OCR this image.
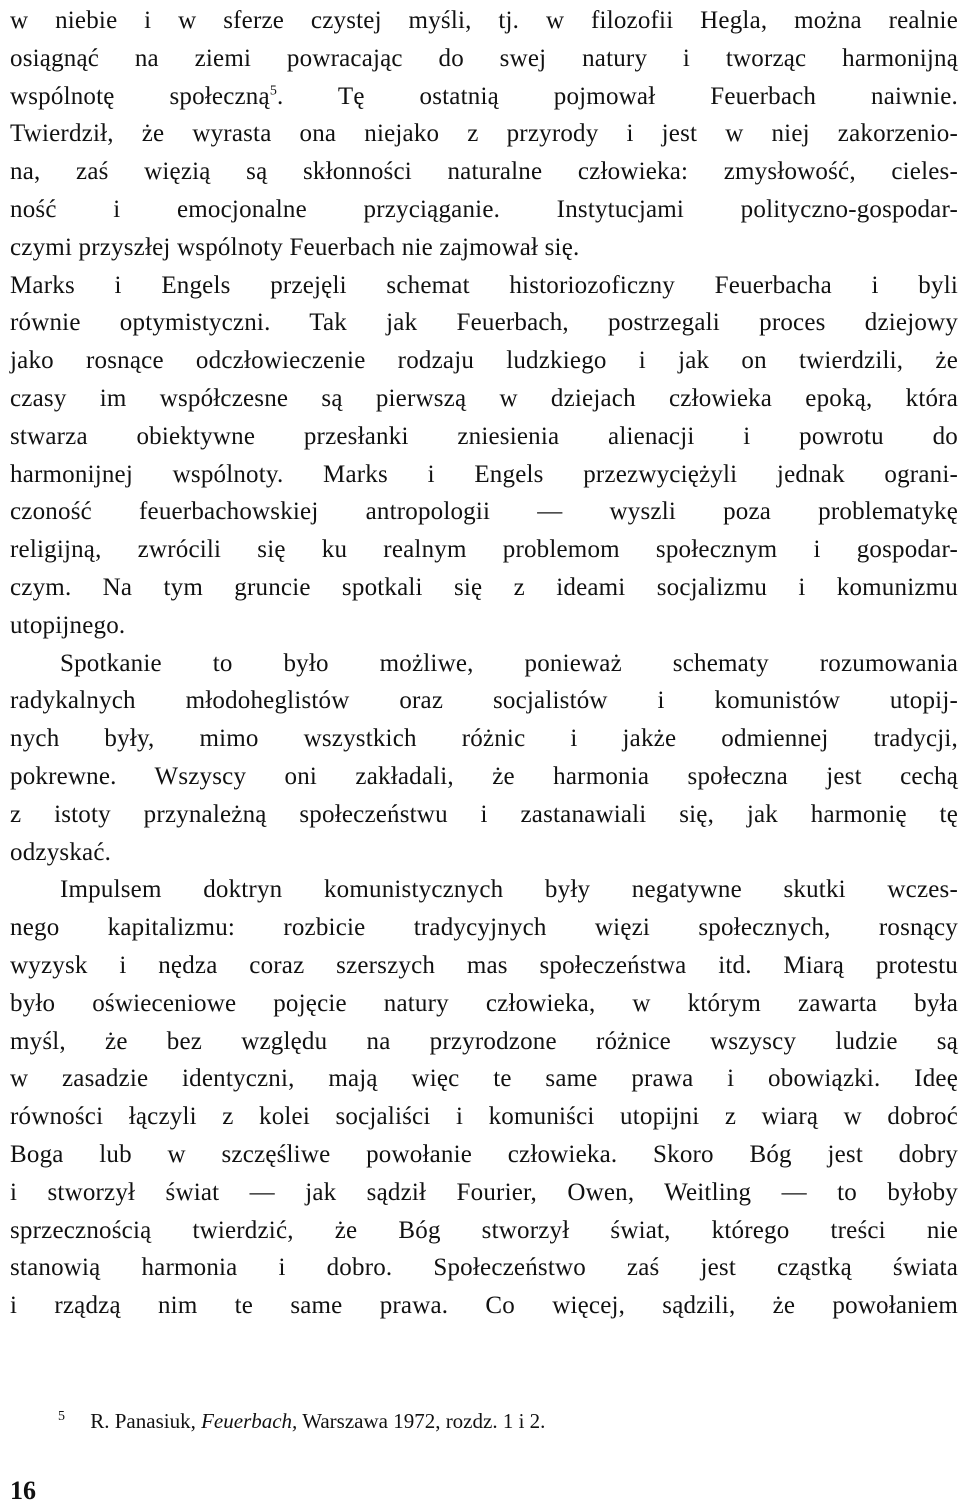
w niebie i w sferze czystej myśli, tj. w filozofii Hegla, można realnie
osiągnąć na ziemi powracając do swej natury i tworząc harmonijną
wspólnotę społeczną$^5$. Tę ostatnią pojmował Feuerbach naiwnie.
Twierdził, że wyrasta ona niejako z przyrody i jest w niej zakorzenio-
na, zaś więzią są skłonności naturalne człowieka: zmysłowość, cieles-
ność i emocjonalne przyciąganie. Instytucjami polityczno-gospodar-
czymi przyszłej wspólnoty Feuerbach nie zajmował się.
Marks i Engels przejęli schemat historiozoficzny Feuerbacha i byli
równie optymistyczni. Tak jak Feuerbach, postrzegali proces dziejowy
jako rosnące odczłowieczenie rodzaju ludzkiego i jak on twierdzili, że
czasy im współczesne są pierwszą w dziejach człowieka epoką, która
stwarza obiektywne przesłanki zniesienia alienacji i powrotu do
harmonijnej wspólnoty. Marks i Engels przezwyciężyli jednak ograni-
czoność feuerbachowskiej antropologii — wyszli poza problematykę
religijną, zwrócili się ku realnym problemom społecznym i gospodar-
czym. Na tym gruncie spotkali się z ideami socjalizmu i komunizmu
utopijnego.
Spotkanie to było możliwe, ponieważ schematy rozumowania
radykalnych młodoheglistów oraz socjalistów i komunistów utopij-
nych były, mimo wszystkich różnic i jakże odmiennej tradycji,
pokrewne. Wszyscy oni zakładali, że harmonia społeczna jest cechą
z istoty przynależną społeczeństwu i zastanawiali się, jak harmonię tę
odzyskać.
Impulsem doktryn komunistycznych były negatywne skutki wczes-
nego kapitalizmu: rozbicie tradycyjnych więzi społecznych, rosnący
wyzysk i nędza coraz szerszych mas społeczeństwa itd. Miarą protestu
było oświeceniowe pojęcie natury człowieka, w którym zawarta była
myśl, że bez względu na przyrodzone różnice wszyscy ludzie są
w zasadzie identyczni, mają więc te same prawa i obowiązki. Ideę
równości łączyli z kolei socjaliści i komuniści utopijni z wiarą w dobroć
Boga lub w szczęśliwe powołanie człowieka. Skoro Bóg jest dobry
i stworzył świat — jak sądził Fourier, Owen, Weitling — to byłoby
sprzecznością twierdzić, że Bóg stworzył świat, którego treści nie
stanowią harmonia i dobro. Społeczeństwo zaś jest cząstką świata
i rządzą nim te same prawa. Co więcej, sądzili, że powołaniem
$^5$ R. Panasiuk, Feuerbach, Warszawa 1972, rozdz. 1 i 2.
16
